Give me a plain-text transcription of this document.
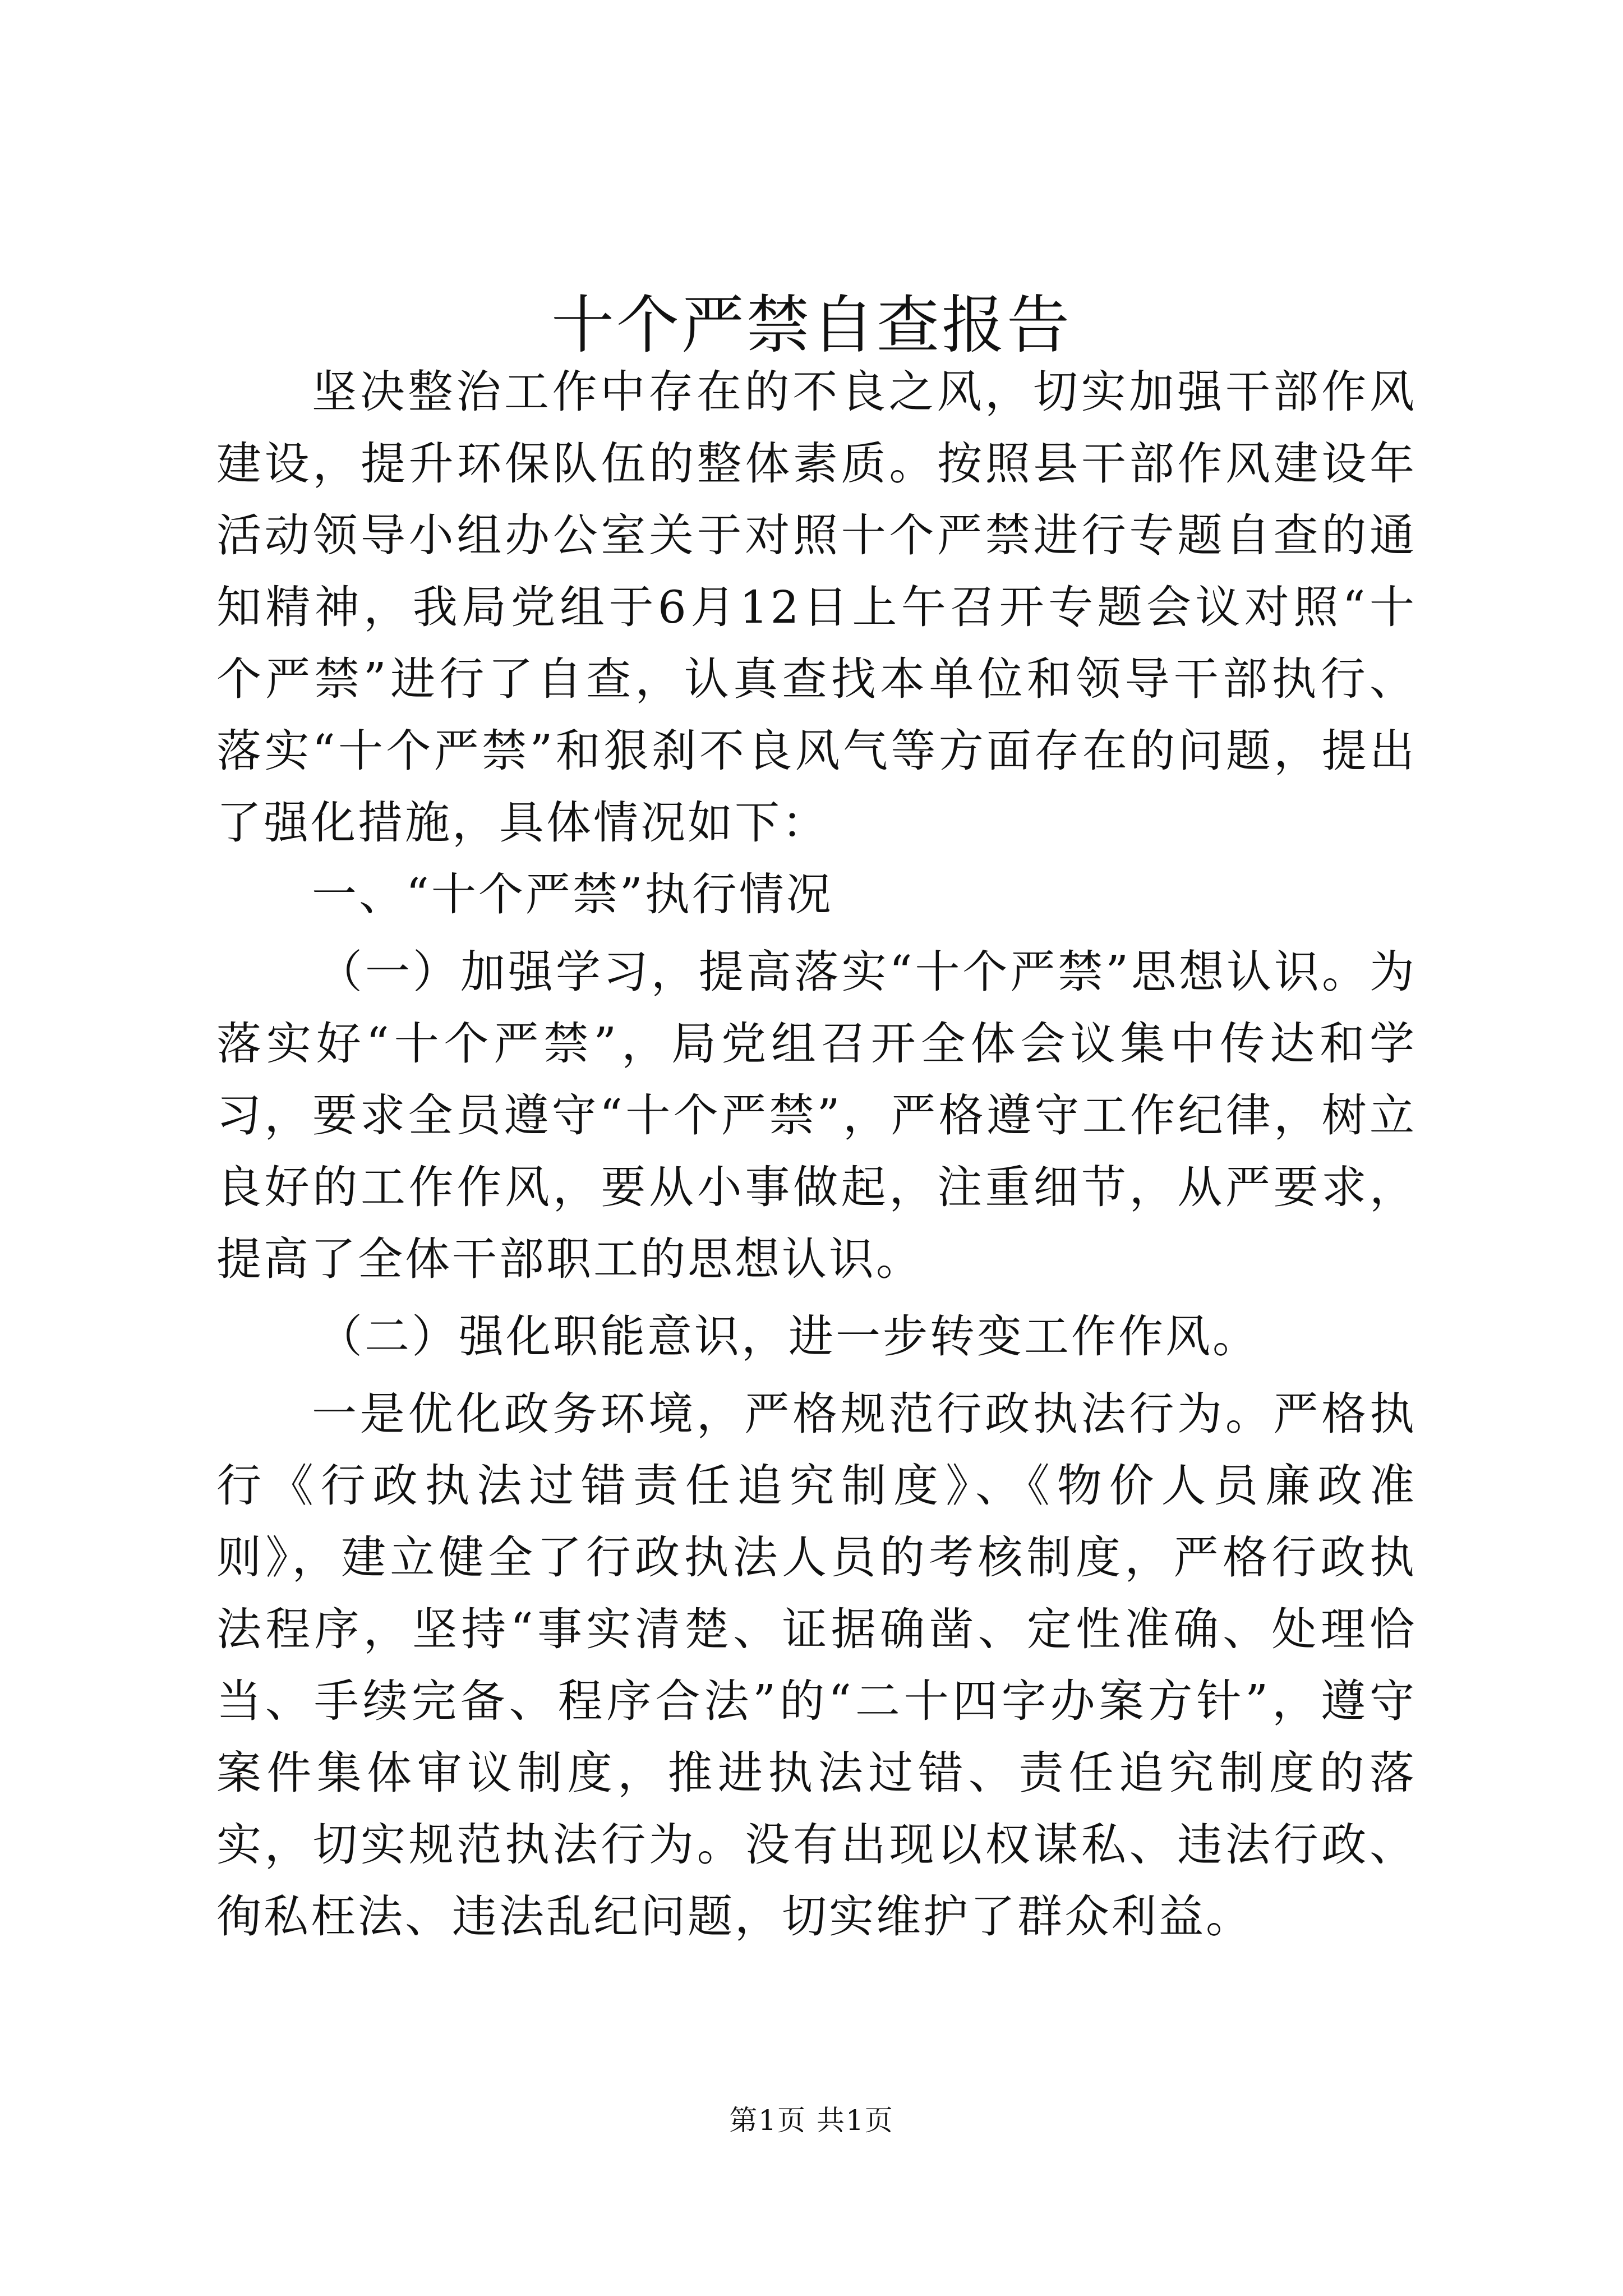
十个严禁自查报告

坚决整治工作中存在的不良之风，切实加强干部作风建设，提升环保队伍的整体素质。按照县干部作风建设年活动领导小组办公室关于对照十个严禁进行专题自查的通知精神，我局党组于6月12日上午召开专题会议对照“十个严禁”进行了自查，认真查找本单位和领导干部执行、落实“十个严禁”和狠刹不良风气等方面存在的问题，提出了强化措施，具体情况如下：

一、“十个严禁”执行情况

（一）加强学习，提高落实“十个严禁”思想认识。为落实好“十个严禁”，局党组召开全体会议集中传达和学习，要求全员遵守“十个严禁”，严格遵守工作纪律，树立良好的工作作风，要从小事做起，注重细节，从严要求，提高了全体干部职工的思想认识。

（二）强化职能意识，进一步转变工作作风。

一是优化政务环境，严格规范行政执法行为。严格执行《行政执法过错责任追究制度》、《物价人员廉政准则》，建立健全了行政执法人员的考核制度，严格行政执法程序，坚持“事实清楚、证据确凿、定性准确、处理恰当、手续完备、程序合法”的“二十四字办案方针”，遵守案件集体审议制度，推进执法过错、责任追究制度的落实，切实规范执法行为。没有出现以权谋私、违法行政、徇私枉法、违法乱纪问题，切实维护了群众利益。

第1页 共1页
